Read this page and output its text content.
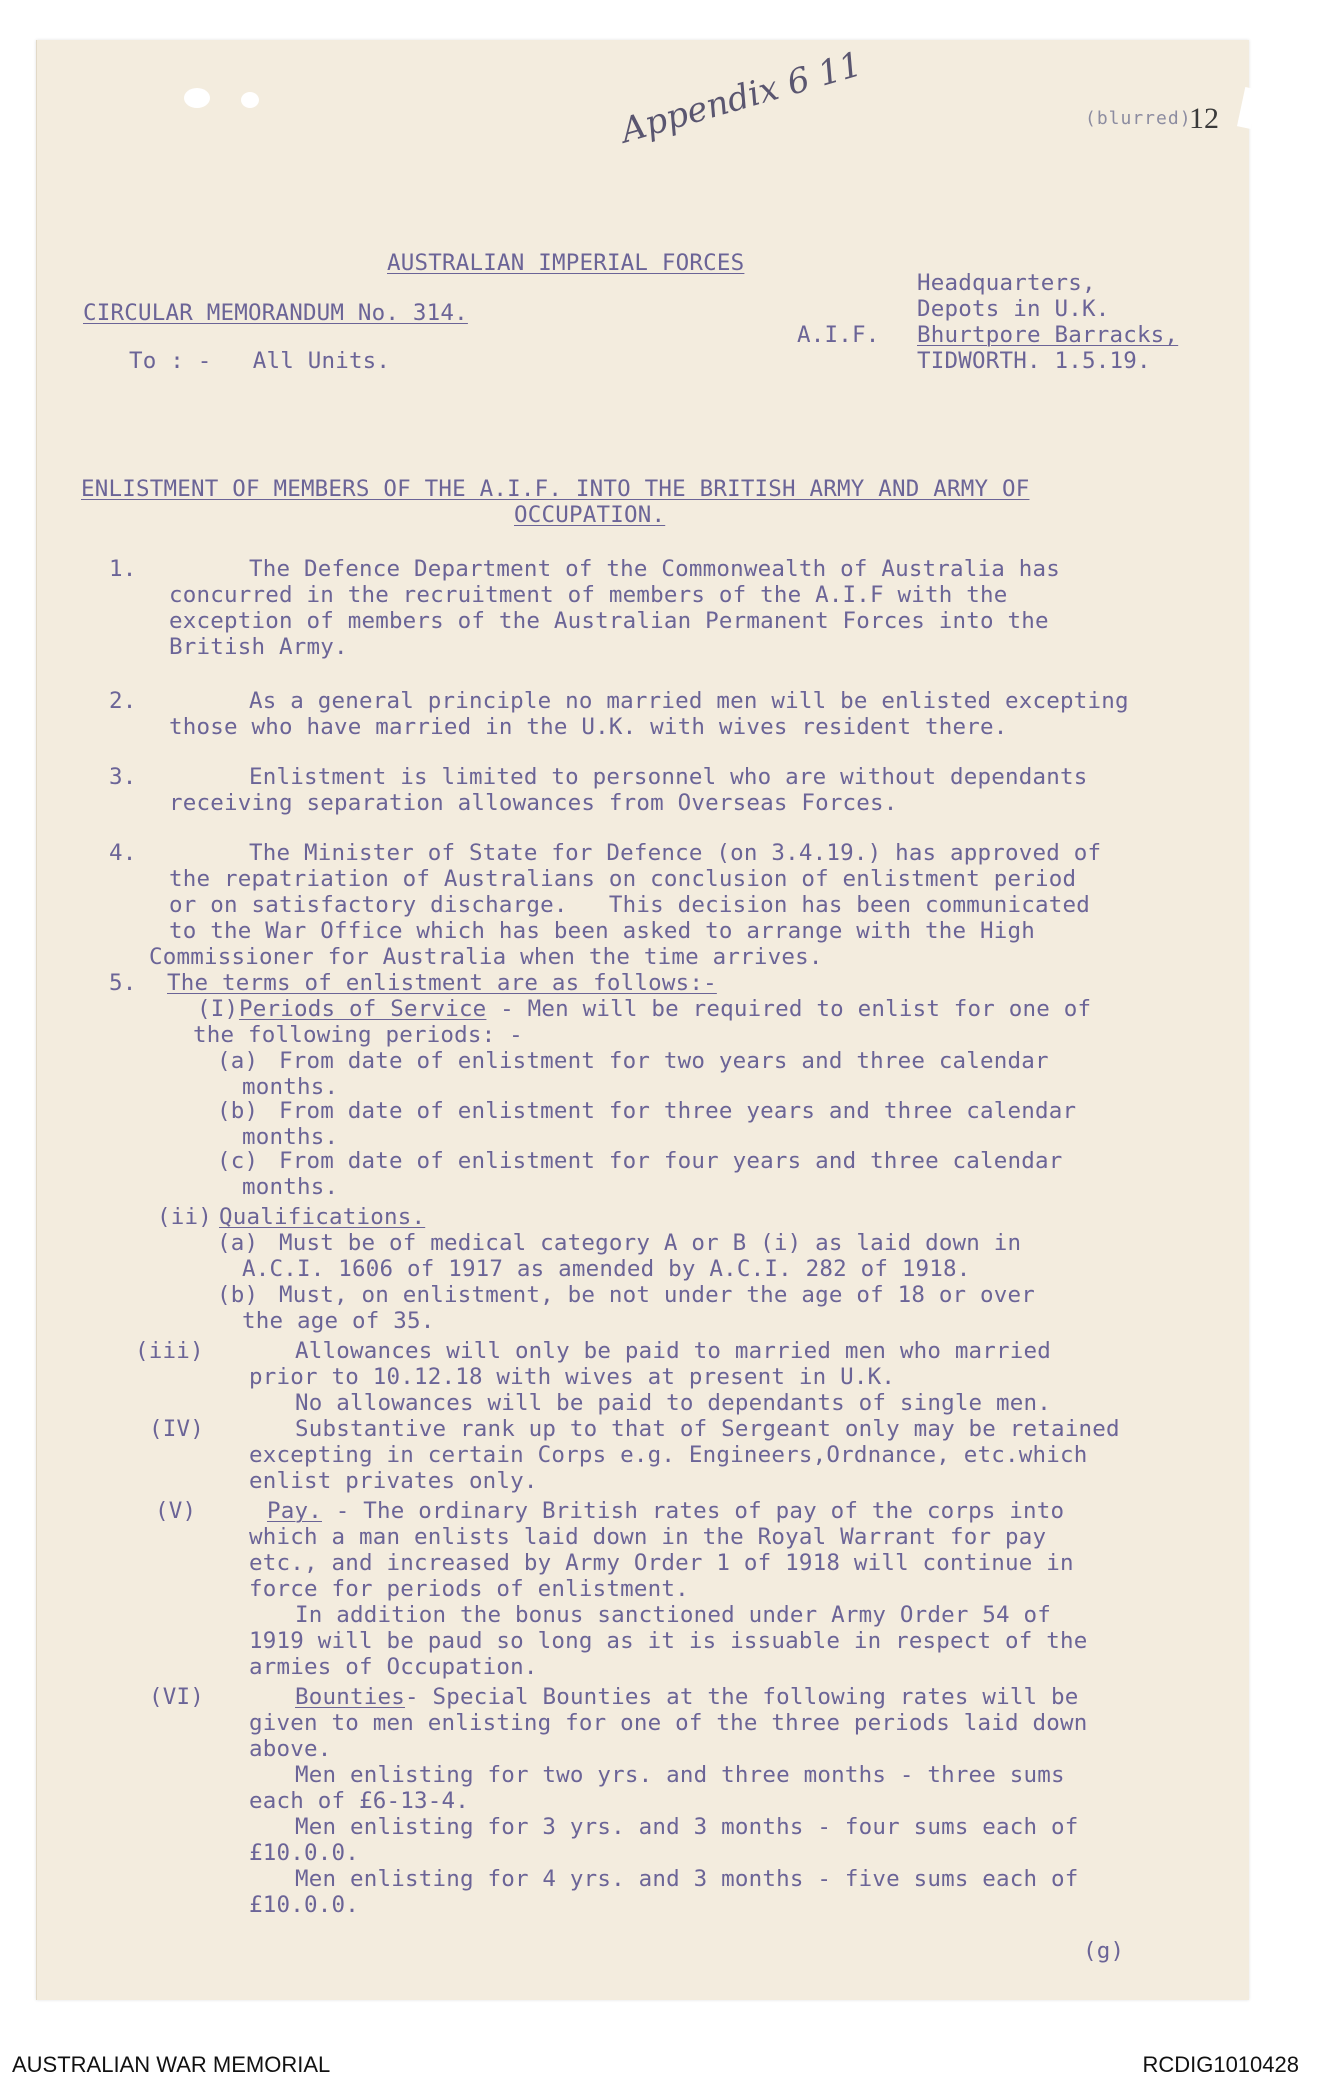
Appendix 6 11	(blurred)
12
AUSTRALIAN IMPERIAL FORCES
CIRCULAR MEMORANDUM No. 314.
To : -   All Units.
A.I.F.
Headquarters,
Depots in U.K.
Bhurtpore Barracks,
TIDWORTH. 1.5.19.
ENLISTMENT OF MEMBERS OF THE A.I.F. INTO THE BRITISH ARMY AND ARMY OF
OCCUPATION.
1.	The Defence Department of the Commonwealth of Australia has
concurred in the recruitment of members of the A.I.F with the
exception of members of the Australian Permanent Forces into the
British Army.
2.	As a general principle no married men will be enlisted excepting
those who have married in the U.K. with wives resident there.
3.	Enlistment is limited to personnel who are without dependants
receiving separation allowances from Overseas Forces.
4.	The Minister of State for Defence (on 3.4.19.) has approved of
the repatriation of Australians on conclusion of enlistment period
or on satisfactory discharge.   This decision has been communicated
to the War Office which has been asked to arrange with the High
Commissioner for Australia when the time arrives.
5. The terms of enlistment are as follows:-
(I) Periods of Service - Men will be required to enlist for one of
the following periods: -
(a) From date of enlistment for two years and three calendar
months.
(b) From date of enlistment for three years and three calendar
months.
(c) From date of enlistment for four years and three calendar
months.
(ii) Qualifications.
(a) Must be of medical category A or B (i) as laid down in
A.C.I. 1606 of 1917 as amended by A.C.I. 282 of 1918.
(b) Must, on enlistment, be not under the age of 18 or over
the age of 35.
(iii)	Allowances will only be paid to married men who married
prior to 10.12.18 with wives at present in U.K.
No allowances will be paid to dependants of single men.
(IV)	Substantive rank up to that of Sergeant only may be retained
excepting in certain Corps e.g. Engineers,Ordnance, etc.which
enlist privates only.
(V)	Pay. - The ordinary British rates of pay of the corps into
which a man enlists laid down in the Royal Warrant for pay
etc., and increased by Army Order 1 of 1918 will continue in
force for periods of enlistment.
In addition the bonus sanctioned under Army Order 54 of
1919 will be paud so long as it is issuable in respect of the
armies of Occupation.
(VI)	Bounties- Special Bounties at the following rates will be
given to men enlisting for one of the three periods laid down
above.
Men enlisting for two yrs. and three months - three sums
each of £6-13-4.
Men enlisting for 3 yrs. and 3 months - four sums each of
£10.0.0.
Men enlisting for 4 yrs. and 3 months - five sums each of
£10.0.0.
(g)
AUSTRALIAN WAR MEMORIAL	RCDIG1010428
